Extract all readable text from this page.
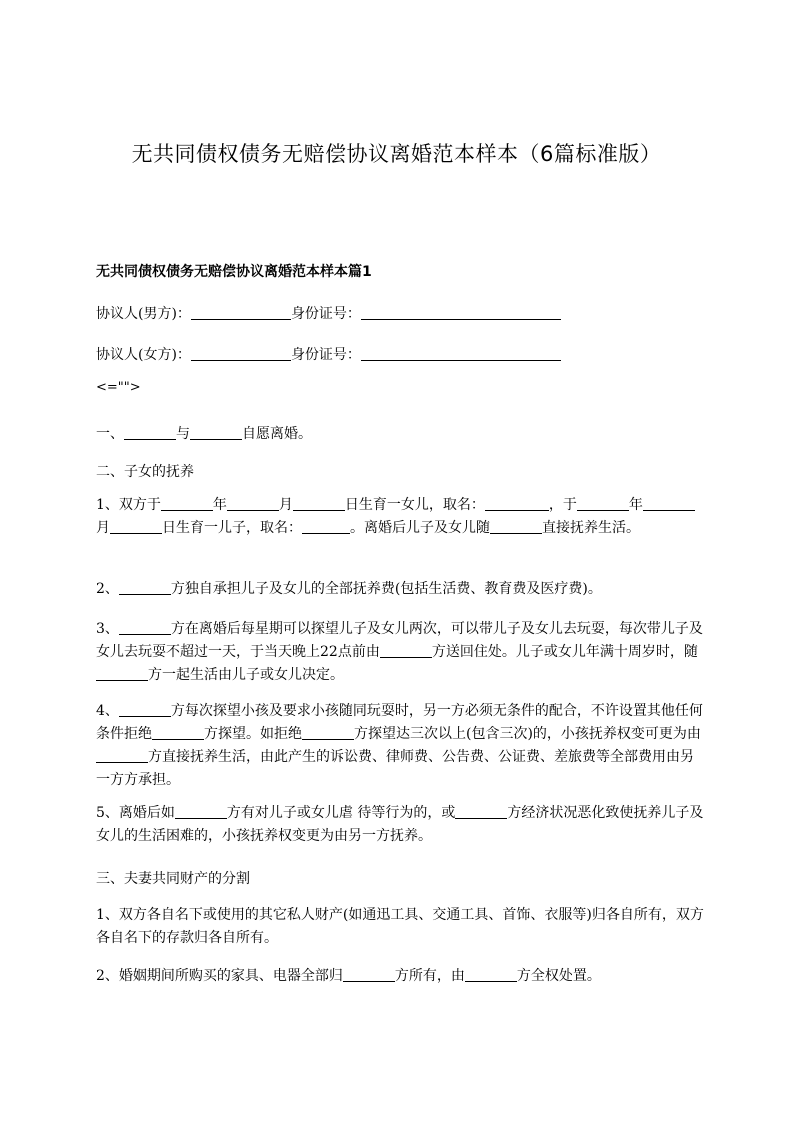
无共同债权债务无赔偿协议离婚范本样本（6篇标准版）
无共同债权债务无赔偿协议离婚范本样本篇1
协议人(男方)：	身份证号：
协议人(女方)：	身份证号：
<="">
一、	与	自愿离婚。
二、子女的抚养
1、双方于	年	月	日生育一女儿，取名：	，于	年月	日生育一儿子，取名：	。离婚后儿子及女儿随	直接抚养生活。
2、	方独自承担儿子及女儿的全部抚养费(包括生活费、教育费及医疗费)。
3、	方在离婚后每星期可以探望儿子及女儿两次，可以带儿子及女儿去玩耍，每次带儿子及女儿去玩耍不超过一天，于当天晚上22点前由	方送回住处。儿子或女儿年满十周岁时，随方一起生活由儿子或女儿决定。
4、	方每次探望小孩及要求小孩随同玩耍时，另一方必须无条件的配合，不许设置其他任何条件拒绝	方探望。如拒绝	方探望达三次以上(包含三次)的，小孩抚养权变可更为由方直接抚养生活，由此产生的诉讼费、律师费、公告费、公证费、差旅费等全部费用由另一方方承担。
5、离婚后如	方有对儿子或女儿虐 待等行为的，或	方经济状况恶化致使抚养儿子及女儿的生活困难的，小孩抚养权变更为由另一方抚养。
三、夫妻共同财产的分割
1、双方各自名下或使用的其它私人财产(如通迅工具、交通工具、首饰、衣服等)归各自所有，双方各自名下的存款归各自所有。
2、婚姻期间所购买的家具、电器全部归	方所有，由	方全权处置。
